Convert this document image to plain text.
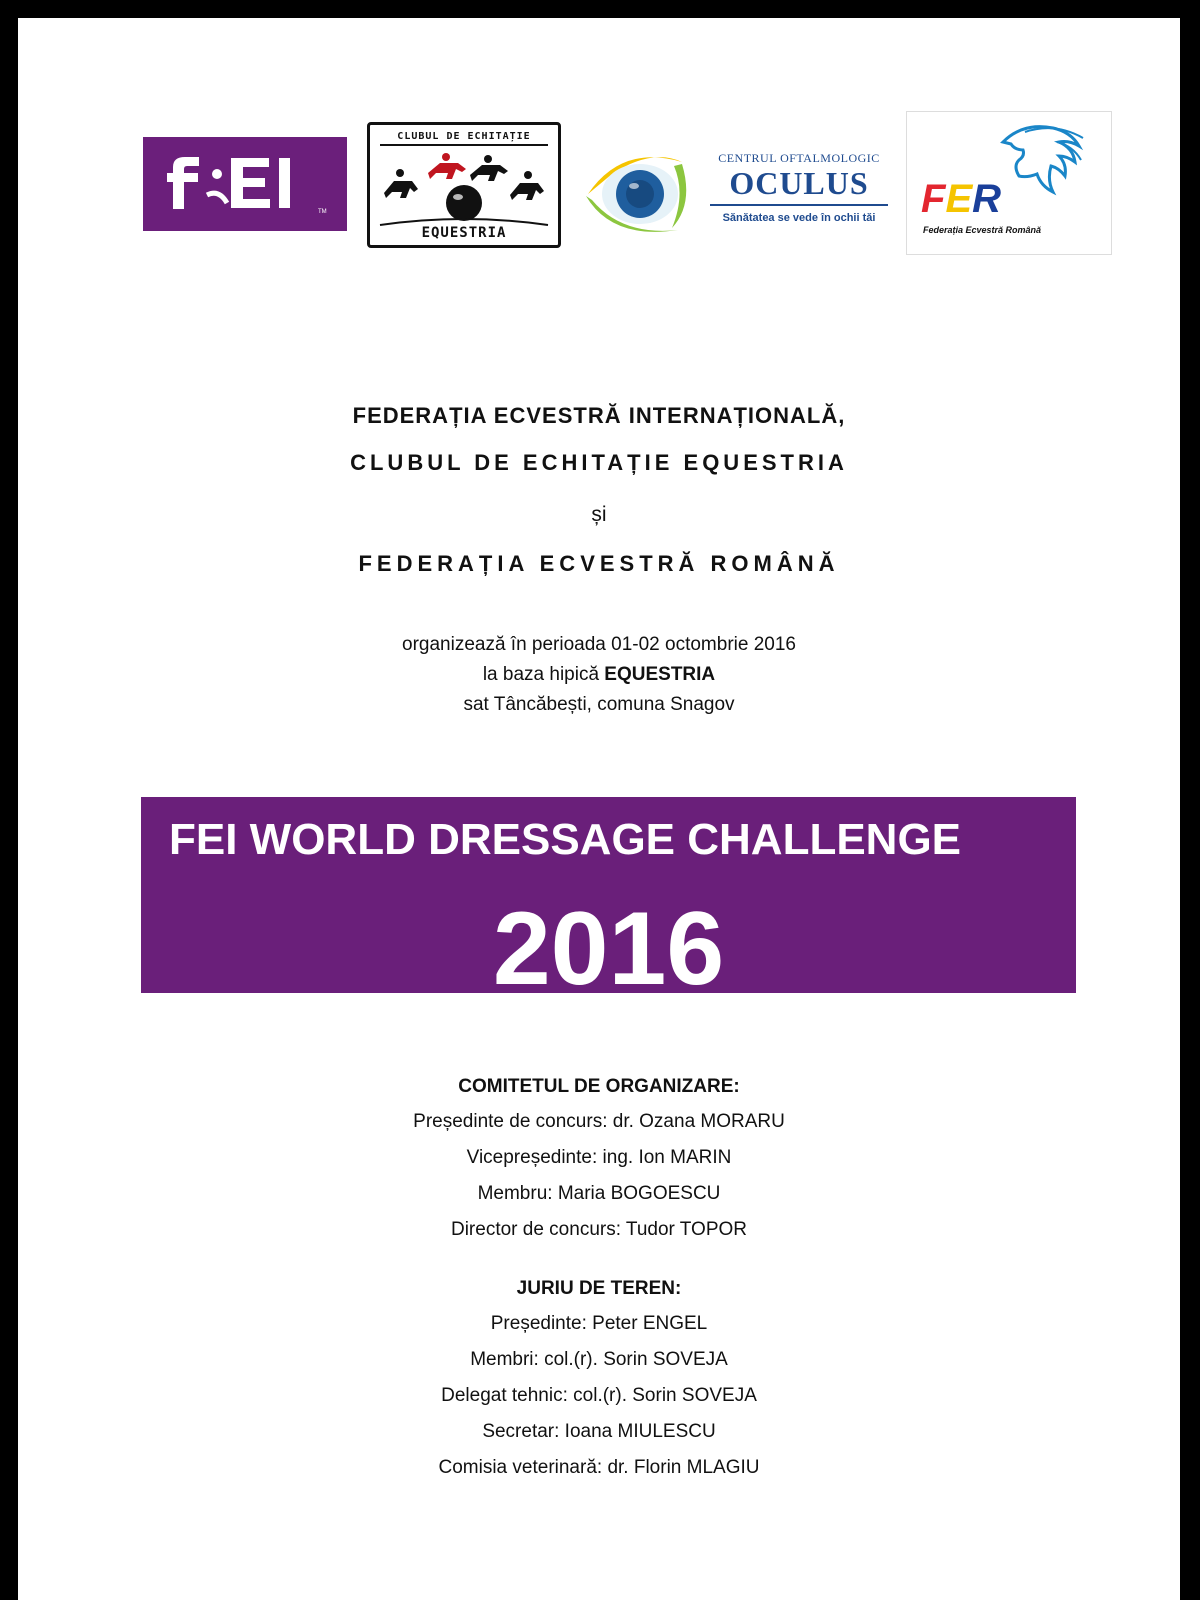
TM
CLUBUL DE ECHITAȚIE
EQUESTRIA
CENTRUL OFTALMOLOGIC
OCULUS
Sănătatea se vede în ochii tăi	FER
Federația Ecvestră Română
FEDERAȚIA ECVESTRĂ INTERNAȚIONALĂ,
CLUBUL DE ECHITAȚIE EQUESTRIA
și
FEDERAȚIA ECVESTRĂ ROMÂNĂ
organizează în perioada 01-02 octombrie 2016
la baza hipică EQUESTRIA
sat Tâncăbești, comuna Snagov
FEI WORLD DRESSAGE CHALLENGE
2016
COMITETUL DE ORGANIZARE:
Președinte de concurs: dr. Ozana MORARU
Vicepreședinte: ing. Ion MARIN
Membru: Maria BOGOESCU
Director de concurs: Tudor TOPOR
JURIU DE TEREN:
Președinte: Peter ENGEL
Membri: col.(r). Sorin SOVEJA
Delegat tehnic: col.(r). Sorin SOVEJA
Secretar: Ioana MIULESCU
Comisia veterinară: dr. Florin MLAGIU
